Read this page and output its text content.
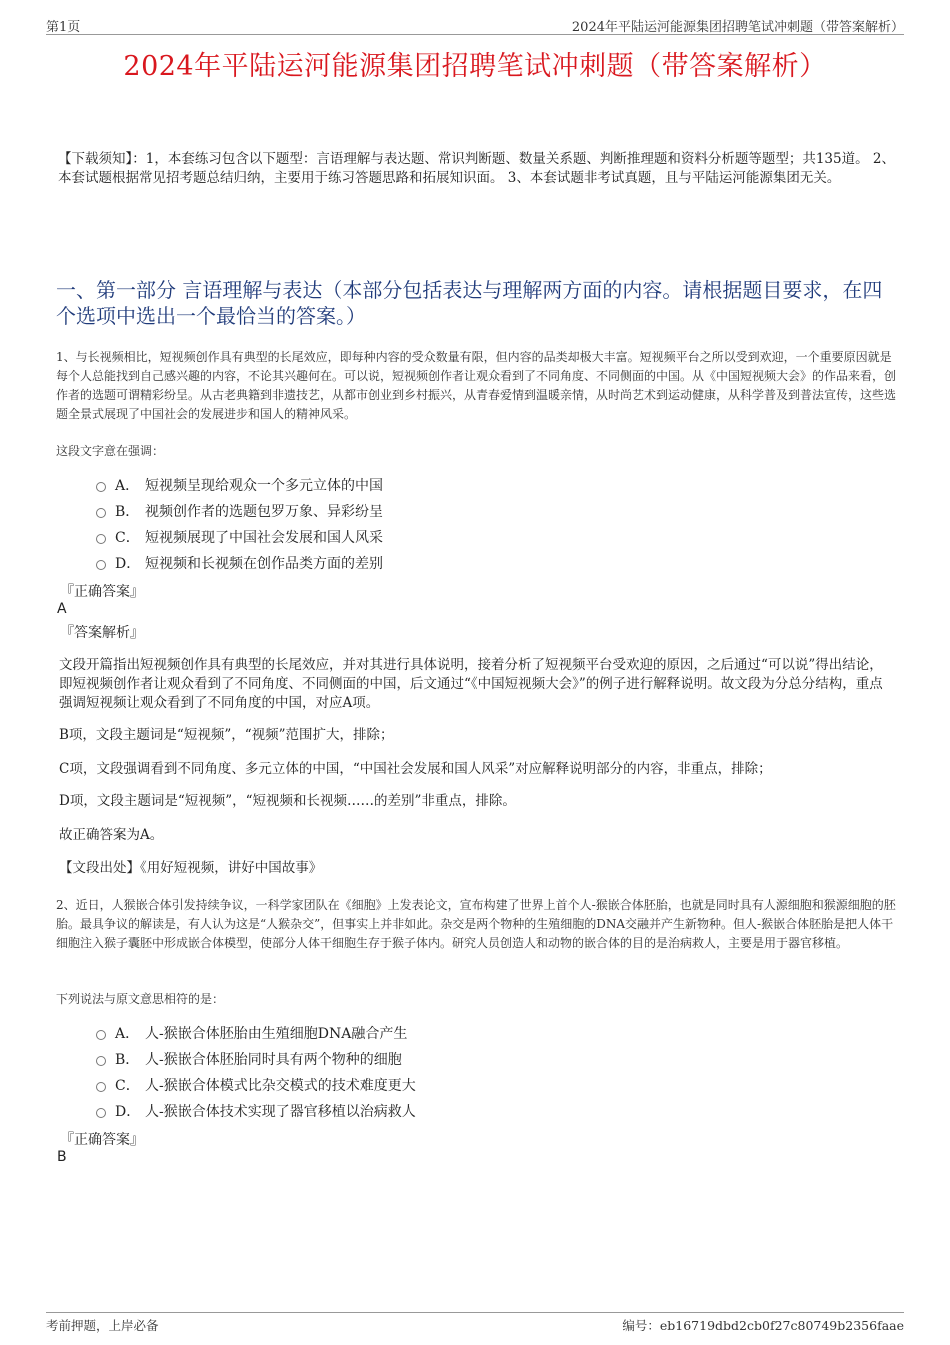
第1页	2024年平陆运河能源集团招聘笔试冲刺题（带答案解析）
2024年平陆运河能源集团招聘笔试冲刺题（带答案解析）
【下载须知】：1，本套练习包含以下题型：言语理解与表达题、常识判断题、数量关系题、判断推理题和资料分析题等题型；共135道。 2、本套试题根据常见招考题总结归纳，主要用于练习答题思路和拓展知识面。 3、本套试题非考试真题，且与平陆运河能源集团无关。
一、第一部分 言语理解与表达（本部分包括表达与理解两方面的内容。请根据题目要求，在四个选项中选出一个最恰当的答案。）
1、与长视频相比，短视频创作具有典型的长尾效应，即每种内容的受众数量有限，但内容的品类却极大丰富。短视频平台之所以受到欢迎，一个重要原因就是每个人总能找到自己感兴趣的内容，不论其兴趣何在。可以说，短视频创作者让观众看到了不同角度、不同侧面的中国。从《中国短视频大会》的作品来看，创作者的选题可谓精彩纷呈。从古老典籍到非遗技艺，从都市创业到乡村振兴，从青春爱情到温暖亲情，从时尚艺术到运动健康，从科学普及到普法宣传，这些选题全景式展现了中国社会的发展进步和国人的精神风采。
这段文字意在强调：
A． 短视频呈现给观众一个多元立体的中国
B． 视频创作者的选题包罗万象、异彩纷呈
C． 短视频展现了中国社会发展和国人风采
D． 短视频和长视频在创作品类方面的差别
『正确答案』
A
『答案解析』
文段开篇指出短视频创作具有典型的长尾效应，并对其进行具体说明，接着分析了短视频平台受欢迎的原因，之后通过“可以说”得出结论，即短视频创作者让观众看到了不同角度、不同侧面的中国，后文通过“《中国短视频大会》”的例子进行解释说明。故文段为分总分结构，重点强调短视频让观众看到了不同角度的中国，对应A项。
B项，文段主题词是“短视频”，“视频”范围扩大，排除；
C项，文段强调看到不同角度、多元立体的中国，“中国社会发展和国人风采”对应解释说明部分的内容，非重点，排除；
D项，文段主题词是“短视频”，“短视频和长视频……的差别”非重点，排除。
故正确答案为A。
【文段出处】《用好短视频，讲好中国故事》
2、近日，人猴嵌合体引发持续争议，一科学家团队在《细胞》上发表论文，宣布构建了世界上首个人-猴嵌合体胚胎，也就是同时具有人源细胞和猴源细胞的胚胎。最具争议的解读是，有人认为这是“人猴杂交”，但事实上并非如此。杂交是两个物种的生殖细胞的DNA交融并产生新物种。但人-猴嵌合体胚胎是把人体干细胞注入猴子囊胚中形成嵌合体模型，使部分人体干细胞生存于猴子体内。研究人员创造人和动物的嵌合体的目的是治病救人，主要是用于器官移植。
下列说法与原文意思相符的是：
A． 人-猴嵌合体胚胎由生殖细胞DNA融合产生
B． 人-猴嵌合体胚胎同时具有两个物种的细胞
C． 人-猴嵌合体模式比杂交模式的技术难度更大
D． 人-猴嵌合体技术实现了器官移植以治病救人
『正确答案』
B
考前押题，上岸必备	编号：eb16719dbd2cb0f27c80749b2356faae
